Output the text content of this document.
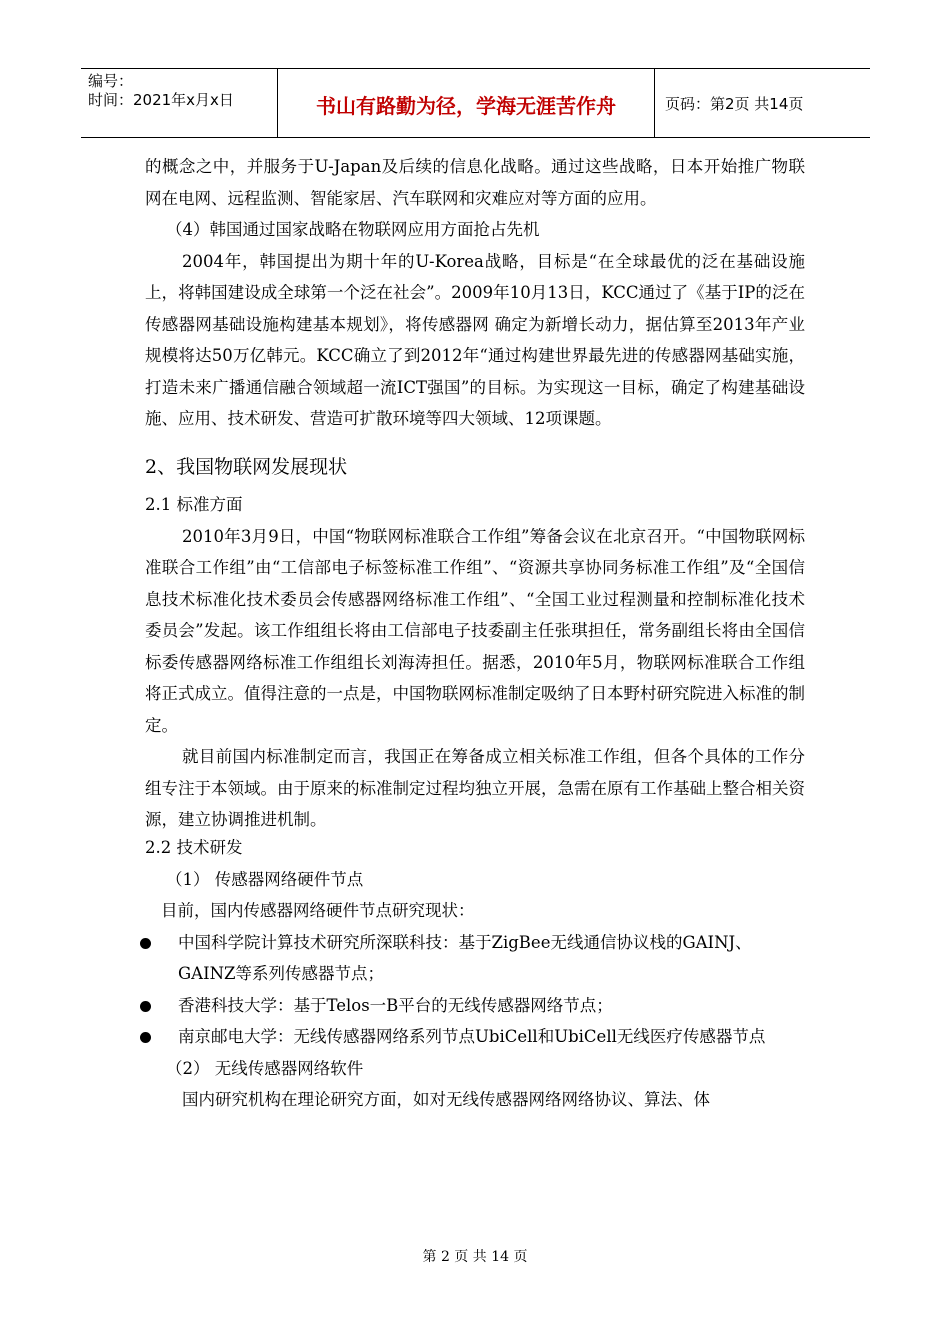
编号：
时间：2021年x月x日	书山有路勤为径，学海无涯苦作舟	页码：第2页 共14页

的概念之中，并服务于U-Japan及后续的信息化战略。通过这些战略，日本开始推广物联网在电网、远程监测、智能家居、汽车联网和灾难应对等方面的应用。

（4）韩国通过国家战略在物联网应用方面抢占先机

2004年，韩国提出为期十年的U-Korea战略，目标是“在全球最优的泛在基础设施上，将韩国建设成全球第一个泛在社会”。2009年10月13日，KCC通过了《基于IP的泛在传感器网基础设施构建基本规划》，将传感器网 确定为新增长动力，据估算至2013年产业规模将达50万亿韩元。KCC确立了到2012年“通过构建世界最先进的传感器网基础实施，打造未来广播通信融合领域超一流ICT强国”的目标。为实现这一目标，确定了构建基础设施、应用、技术研发、营造可扩散环境等四大领域、12项课题。

2、我国物联网发展现状
2.1 标准方面

2010年3月9日，中国“物联网标准联合工作组”筹备会议在北京召开。“中国物联网标准联合工作组”由“工信部电子标签标准工作组”、“资源共享协同务标准工作组”及“全国信息技术标准化技术委员会传感器网络标准工作组”、“全国工业过程测量和控制标准化技术委员会”发起。该工作组组长将由工信部电子技委副主任张琪担任，常务副组长将由全国信标委传感器网络标准工作组组长刘海涛担任。据悉，2010年5月，物联网标准联合工作组将正式成立。值得注意的一点是，中国物联网标准制定吸纳了日本野村研究院进入标准的制定。

就目前国内标准制定而言，我国正在筹备成立相关标准工作组，但各个具体的工作分组专注于本领域。由于原来的标准制定过程均独立开展，急需在原有工作基础上整合相关资源，建立协调推进机制。

2.2 技术研发

（1） 传感器网络硬件节点

目前，国内传感器网络硬件节点研究现状：

中国科学院计算技术研究所深联科技：基于ZigBee无线通信协议栈的GAINJ、GAINZ等系列传感器节点；
香港科技大学：基于Telos一B平台的无线传感器网络节点；
南京邮电大学：无线传感器网络系列节点UbiCell和UbiCell无线医疗传感器节点

（2） 无线传感器网络软件

国内研究机构在理论研究方面，如对无线传感器网络网络协议、算法、体

第 2 页 共 14 页
